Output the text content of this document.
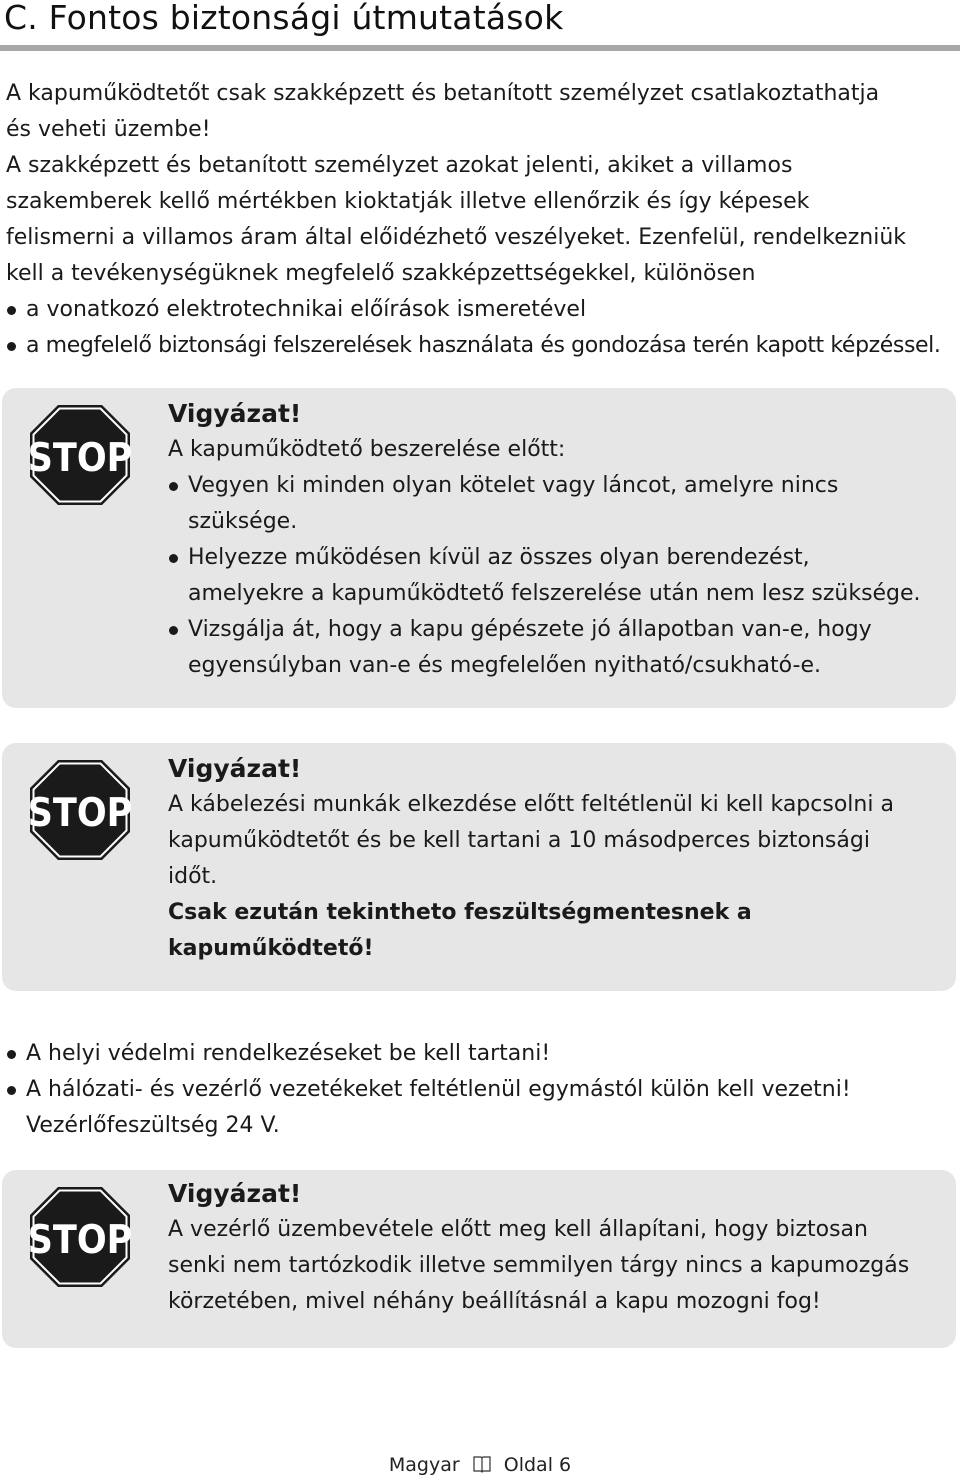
C. Fontos biztonsági útmutatások
A kapuműködtetőt csak szakképzett és betanított személyzet csatlakoztathatja
és veheti üzembe!
A szakképzett és betanított személyzet azokat jelenti, akiket a villamos
szakemberek kellő mértékben kioktatják illetve ellenőrzik és így képesek
felismerni a villamos áram által előidézhető veszélyeket. Ezenfelül, rendelkezniük
kell a tevékenységüknek megfelelő szakképzettségekkel, különösen
a vonatkozó elektrotechnikai előírások ismeretével
a megfelelő biztonsági felszerelések használata és gondozása terén kapott képzéssel.
STOP
Vigyázat!
A kapuműködtető beszerelése előtt:
Vegyen ki minden olyan kötelet vagy láncot, amelyre nincs
szüksége.
Helyezze működésen kívül az összes olyan berendezést,
amelyekre a kapuműködtető felszerelése után nem lesz szüksége.
Vizsgálja át, hogy a kapu gépészete jó állapotban van-e, hogy
egyensúlyban van-e és megfelelően nyitható/csukható-e.
STOP
Vigyázat!
A kábelezési munkák elkezdése előtt feltétlenül ki kell kapcsolni a
kapuműködtetőt és be kell tartani a 10 másodperces biztonsági
időt.
Csak ezután tekintheto feszültségmentesnek a
kapuműködtető!
A helyi védelmi rendelkezéseket be kell tartani!
A hálózati- és vezérlő vezetékeket feltétlenül egymástól külön kell vezetni!
Vezérlőfeszültség 24 V.
STOP
Vigyázat!
A vezérlő üzembevétele előtt meg kell állapítani, hogy biztosan
senki nem tartózkodik illetve semmilyen tárgy nincs a kapumozgás
körzetében, mivel néhány beállításnál a kapu mozogni fog!
Magyar Oldal 6
